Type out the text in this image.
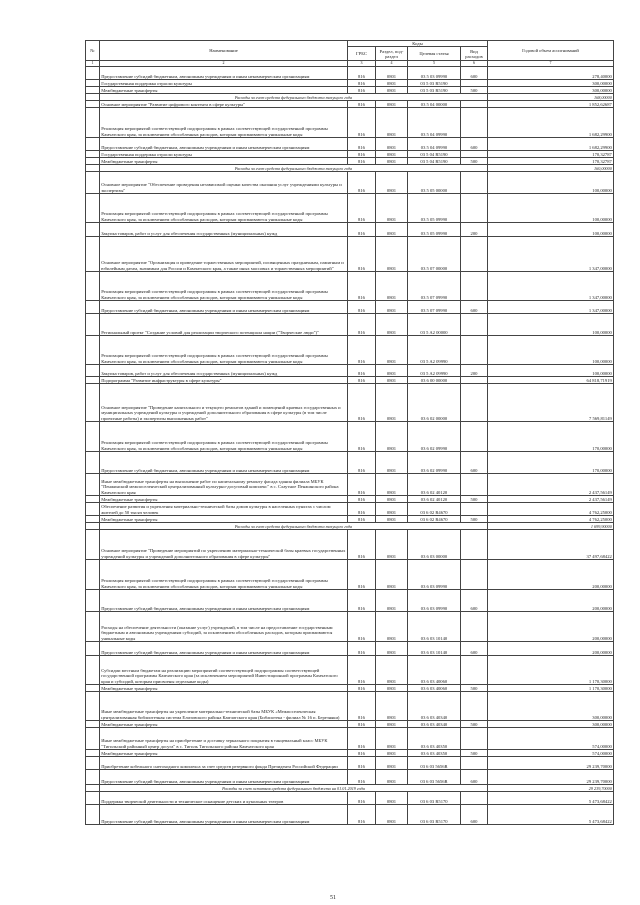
№	Наименование	Коды				Годовой объем ассигнований
		ГРБС	Раздел, под-раздел	Целевая статья	Вид расходов	
1	2	3	4	5	6	7
	Предоставление субсидий бюджетным, автономным учреждениям и иным некоммерческим организациям	816	0801	03 5 03 09990	600	278,40000
	Государственная поддержка отрасли культуры	816	0801	03 5 03 R5190		300,00000
	Межбюджетные трансферты	816	0801	03 5 03 R5190	500	300,00000
	Расходы за счет средств федерального бюджета текущего года					168,00000
	Основное мероприятие "Развитие цифрового контента в сфере культуры"	816	0801	03 5 04 00000		1 852,62687
	Реализация мероприятий соответствующей подпрограммы в рамках соответствующей государственной программы Камчатского края, за исключением обособленных расходов, которым присваиваются уникальные коды	816	0801	03 5 04 09990		1 682,29900
	Предоставление субсидий бюджетным, автономным учреждениям и иным некоммерческим организациям	816	0801	03 5 04 09990	600	1 682,29900
	Государственная поддержка отрасли культуры	816	0801	03 5 04 R5190		170,32787
	Межбюджетные трансферты	816	0801	03 5 04 R5190	500	170,32787
	Расходы за счет средств федерального бюджета текущего года					160,00000
	Основное мероприятие "Обеспечение проведения независимой оценки качества оказания услуг учреждениями культуры и экспертизы"	816	0801	03 5 05 00000		100,00000
	Реализация мероприятий соответствующей подпрограммы в рамках соответствующей государственной программы Камчатского края, за исключением обособленных расходов, которым присваиваются уникальные коды	816	0801	03 5 05 09990		100,00000
	Закупка товаров, работ и услуг для обеспечения государственных (муниципальных) нужд	816	0801	03 5 05 09990	200	100,00000
	Основное мероприятие "Организация и проведение торжественных мероприятий, посвященных праздничным, памятным и юбилейным датам, значимым для России и Камчатского края, а также иных массовых и торжественных мероприятий"	816	0801	03 5 07 00000		1 347,00000
	Реализация мероприятий соответствующей подпрограммы в рамках соответствующей государственной программы Камчатского края, за исключением обособленных расходов, которым присваиваются уникальные коды	816	0801	03 5 07 09990		1 347,00000
	Предоставление субсидий бюджетным, автономным учреждениям и иным некоммерческим организациям	816	0801	03 5 07 09990	600	1 347,00000
	Региональный проект "Создание условий для реализации творческого потенциала нации ("Творческие люди")"	816	0801	03 5 A2 00000		100,00000
	Реализация мероприятий соответствующей подпрограммы в рамках соответствующей государственной программы Камчатского края, за исключением обособленных расходов, которым присваиваются уникальные коды	816	0801	03 5 A2 09990		100,00000
	Закупка товаров, работ и услуг для обеспечения государственных (муниципальных) нужд	816	0801	03 5 A2 09990	200	100,00000
	Подпрограмма "Развитие инфраструктуры в сфере культуры"	816	0801	03 6 00 00000		64 818,71919
	Основное мероприятие "Проведение капитального и текущего ремонтов зданий и помещений краевых государственных и муниципальных учреждений культуры и учреждений дополнительного образования в сфере культуры (в том числе проектные работы) и экспертизы выполненных работ"	816	0801	03 6 02 00000		7 569,81149
	Реализация мероприятий соответствующей подпрограммы в рамках соответствующей государственной программы Камчатского края, за исключением обособленных расходов, которым присваиваются уникальные коды	816	0801	03 6 02 09990		170,00000
	Предоставление субсидий бюджетным, автономным учреждениям и иным некоммерческим организациям	816	0801	03 6 02 09990	600	170,00000
	Иные межбюджетные трансферты на выполнение работ по капитальному ремонту фасада здания филиала МБУК "Пенжинский межпоселенческий централизованный культурно-досуговый комплекс" в с. Слаутное Пенжинского района Камчатского края	816	0801	03 6 02 40120		2 437,56149
	Межбюджетные трансферты	816	0801	03 6 02 40120	500	2 437,56149
	Обеспечение развития и укрепления материально-технической базы домов культуры в населенных пунктах с числом жителей до 50 тысяч человек	816	0801	03 6 02 R4670		4 762,25000
	Межбюджетные трансферты	816	0801	03 6 02 R4670	500	4 762,25000
	Расходы за счет средств федерального бюджета текущего года					1 699,90000
	Основное мероприятие "Проведение мероприятий по укреплению материально-технической базы краевых государственных учреждений культуры и учреждений дополнительного образования в сфере культуры"	816	0801	03 6 03 00000		37 497,68422
	Реализация мероприятий соответствующей подпрограммы в рамках соответствующей государственной программы Камчатского края, за исключением обособленных расходов, которым присваиваются уникальные коды	816	0801	03 6 03 09990		200,00000
	Предоставление субсидий бюджетным, автономным учреждениям и иным некоммерческим организациям	816	0801	03 6 03 09990	600	200,00000
	Расходы на обеспечение деятельности (оказание услуг) учреждений, в том числе на предоставление государственным бюджетным и автономным учреждениям субсидий, за исключением обособленных расходов, которым присваиваются уникальные коды	816	0801	03 6 03 10140		200,00000
	Предоставление субсидий бюджетным, автономным учреждениям и иным некоммерческим организациям	816	0801	03 6 03 10140	600	200,00000
	Субсидии местным бюджетам на реализацию мероприятий соответствующей подпрограммы соответствующей государственной программы Камчатского края (за исключением мероприятий Инвестиционной программы Камчатского края и субсидий, которым присвоены отдельные коды)	816	0801	03 6 03 40060		1 170,30000
	Межбюджетные трансферты	816	0801	03 6 03 40060	500	1 170,30000
	Иные межбюджетные трансферты на укрепление материально-технической базы МБУК «Межпоселенческая централизованная библиотечная система Елизовского района Камчатского края (Библиотека - филиал № 16 п. Березняки)	816	0801	03 6 03 40340		300,00000
	Межбюджетные трансферты	816	0801	03 6 03 40340	500	300,00000
	Иные межбюджетные трансферты на приобретение и доставку зеркального покрытия в танцевальный класс МБУК "Тигильский районный центр досуга" в с. Тигиль Тигильского района Камчатского края	816	0801	03 6 03 40350		574,00000
	Межбюджетные трансферты	816	0801	03 6 03 40350	500	574,00000
	Приобретение кобельного снегоходного комплекса за счет средств резервного фонда Президента Российской Федерации	816	0801	03 6 03 5656R		29 239,70000
	Предоставление субсидий бюджетным, автономным учреждениям и иным некоммерческим организациям	816	0801	03 6 03 5656R	600	29 239,70000
	Расходы за счет остатков средств федерального бюджета на 01.01.2019 года					29 239,70000
	Поддержка творческой деятельности и техническое оснащение детских и кукольных театров	816	0801	03 6 03 R5170		5 473,68422
	Предоставление субсидий бюджетным, автономным учреждениям и иным некоммерческим организациям	816	0801	03 6 03 R5170	600	5 473,68422
51
